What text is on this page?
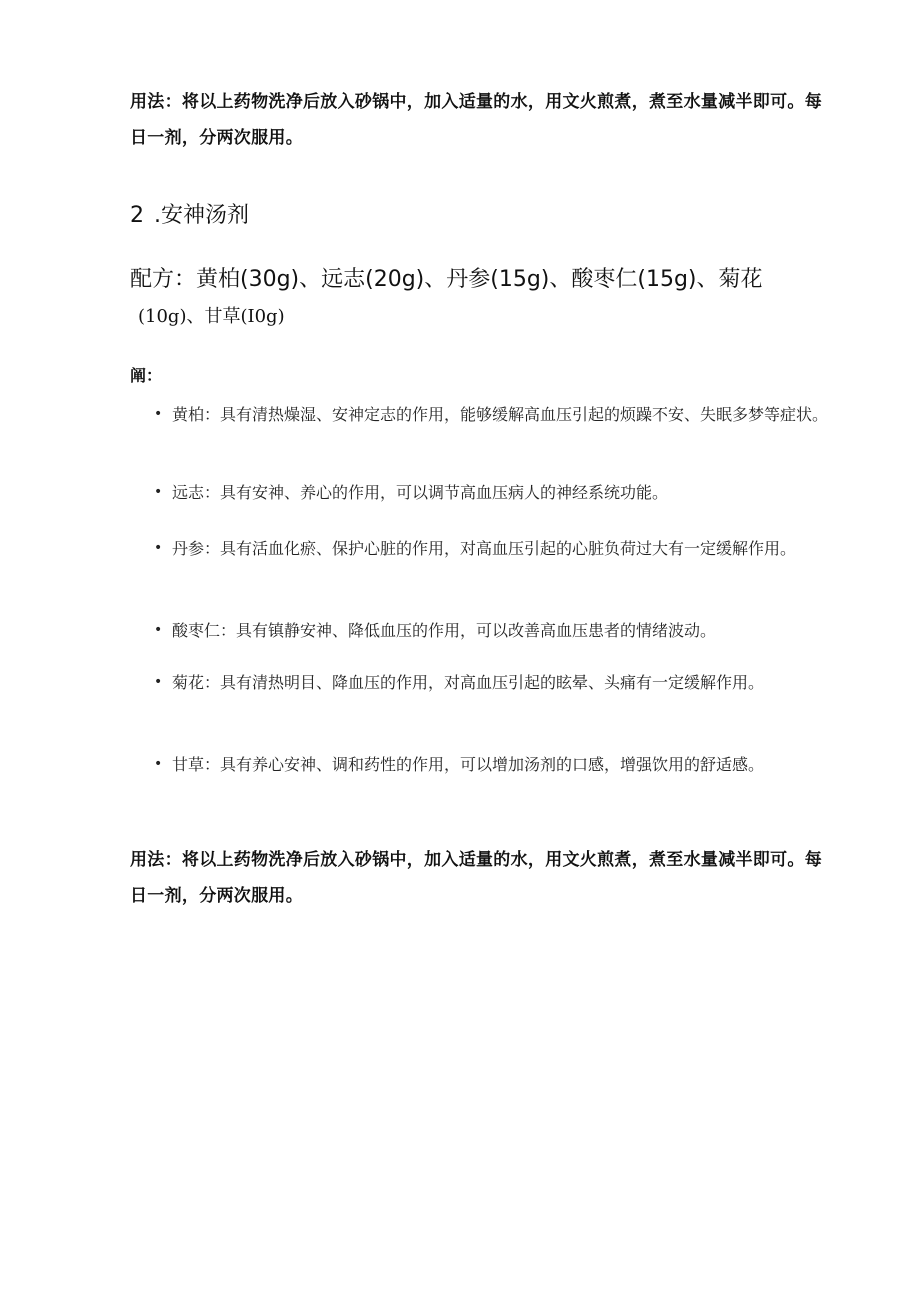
用法：将以上药物洗净后放入砂锅中，加入适量的水，用文火煎煮，煮至水量减半即可。每日一剂，分两次服用。
2 .安神汤剂
配方：黄柏(30g)、远志(20g)、丹参(15g)、酸枣仁(15g)、菊花
(10g)、甘草(I0g)
阐：
• 黄柏：具有清热燥湿、安神定志的作用，能够缓解高血压引起的烦躁不安、失眠多梦等症状。
• 远志：具有安神、养心的作用，可以调节高血压病人的神经系统功能。
• 丹参：具有活血化瘀、保护心脏的作用，对高血压引起的心脏负荷过大有一定缓解作用。
• 酸枣仁：具有镇静安神、降低血压的作用，可以改善高血压患者的情绪波动。
• 菊花：具有清热明目、降血压的作用，对高血压引起的眩晕、头痛有一定缓解作用。
• 甘草：具有养心安神、调和药性的作用，可以增加汤剂的口感，增强饮用的舒适感。
用法：将以上药物洗净后放入砂锅中，加入适量的水，用文火煎煮，煮至水量减半即可。每日一剂，分两次服用。
